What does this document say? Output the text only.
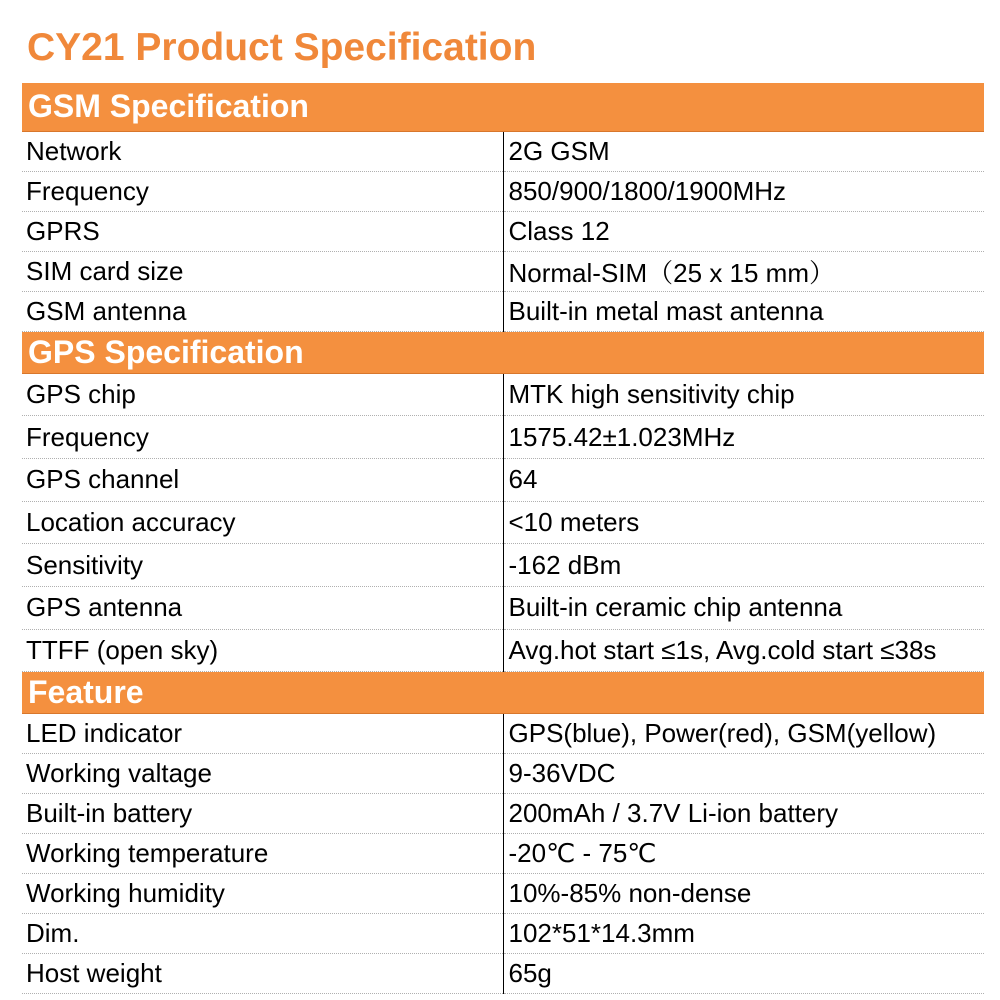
CY21 Product Specification
GSM Specification	
Network	2G GSM
Frequency	850/900/1800/1900MHz
GPRS	Class 12
SIM card size	Normal-SIM（25 x 15 mm）
GSM antenna	Built-in metal mast antenna
GPS Specification	
GPS chip	MTK high sensitivity chip
Frequency	1575.42±1.023MHz
GPS channel	64
Location accuracy	<10 meters
Sensitivity	-162 dBm
GPS antenna	Built-in ceramic chip antenna
TTFF (open sky)	Avg.hot start ≤1s, Avg.cold start ≤38s
Feature	
LED indicator	GPS(blue), Power(red), GSM(yellow)
Working valtage	9-36VDC
Built-in battery	200mAh / 3.7V Li-ion battery
Working temperature	-20℃ - 75℃
Working humidity	10%-85% non-dense
Dim.	102*51*14.3mm
Host weight	65g
